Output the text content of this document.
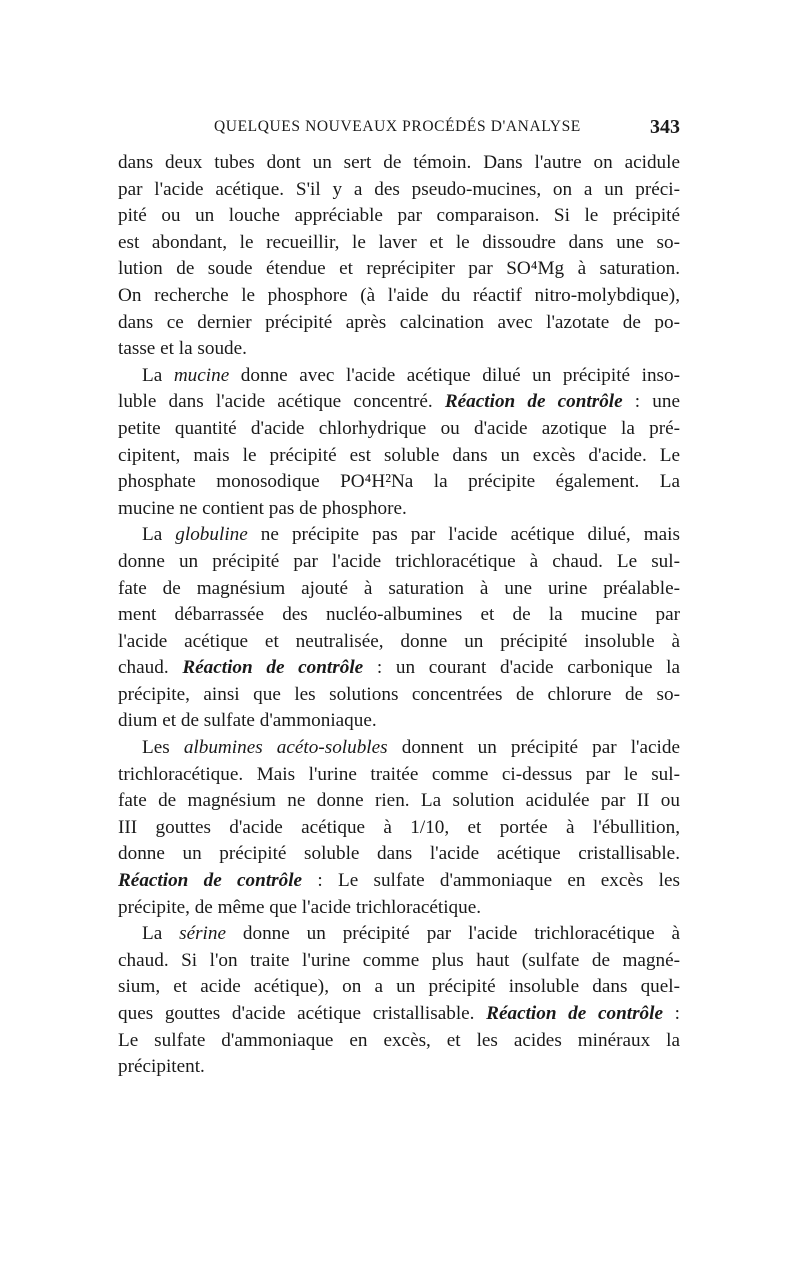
QUELQUES NOUVEAUX PROCÉDÉS D'ANALYSE	343
dans deux tubes dont un sert de témoin. Dans l'autre on acidule
par l'acide acétique. S'il y a des pseudo-mucines, on a un préci-
pité ou un louche appréciable par comparaison. Si le précipité
est abondant, le recueillir, le laver et le dissoudre dans une so-
lution de soude étendue et reprécipiter par SO⁴Mg à saturation.
On recherche le phosphore (à l'aide du réactif nitro-molybdique),
dans ce dernier précipité après calcination avec l'azotate de po-
tasse et la soude.
La mucine donne avec l'acide acétique dilué un précipité inso-
luble dans l'acide acétique concentré. Réaction de contrôle : une
petite quantité d'acide chlorhydrique ou d'acide azotique la pré-
cipitent, mais le précipité est soluble dans un excès d'acide. Le
phosphate monosodique PO⁴H²Na la précipite également. La
mucine ne contient pas de phosphore.
La globuline ne précipite pas par l'acide acétique dilué, mais
donne un précipité par l'acide trichloracétique à chaud. Le sul-
fate de magnésium ajouté à saturation à une urine préalable-
ment débarrassée des nucléo-albumines et de la mucine par
l'acide acétique et neutralisée, donne un précipité insoluble à
chaud. Réaction de contrôle : un courant d'acide carbonique la
précipite, ainsi que les solutions concentrées de chlorure de so-
dium et de sulfate d'ammoniaque.
Les albumines acéto-solubles donnent un précipité par l'acide
trichloracétique. Mais l'urine traitée comme ci-dessus par le sul-
fate de magnésium ne donne rien. La solution acidulée par II ou
III gouttes d'acide acétique à 1/10, et portée à l'ébullition,
donne un précipité soluble dans l'acide acétique cristallisable.
Réaction de contrôle : Le sulfate d'ammoniaque en excès les
précipite, de même que l'acide trichloracétique.
La sérine donne un précipité par l'acide trichloracétique à
chaud. Si l'on traite l'urine comme plus haut (sulfate de magné-
sium, et acide acétique), on a un précipité insoluble dans quel-
ques gouttes d'acide acétique cristallisable. Réaction de contrôle :
Le sulfate d'ammoniaque en excès, et les acides minéraux la
précipitent.
